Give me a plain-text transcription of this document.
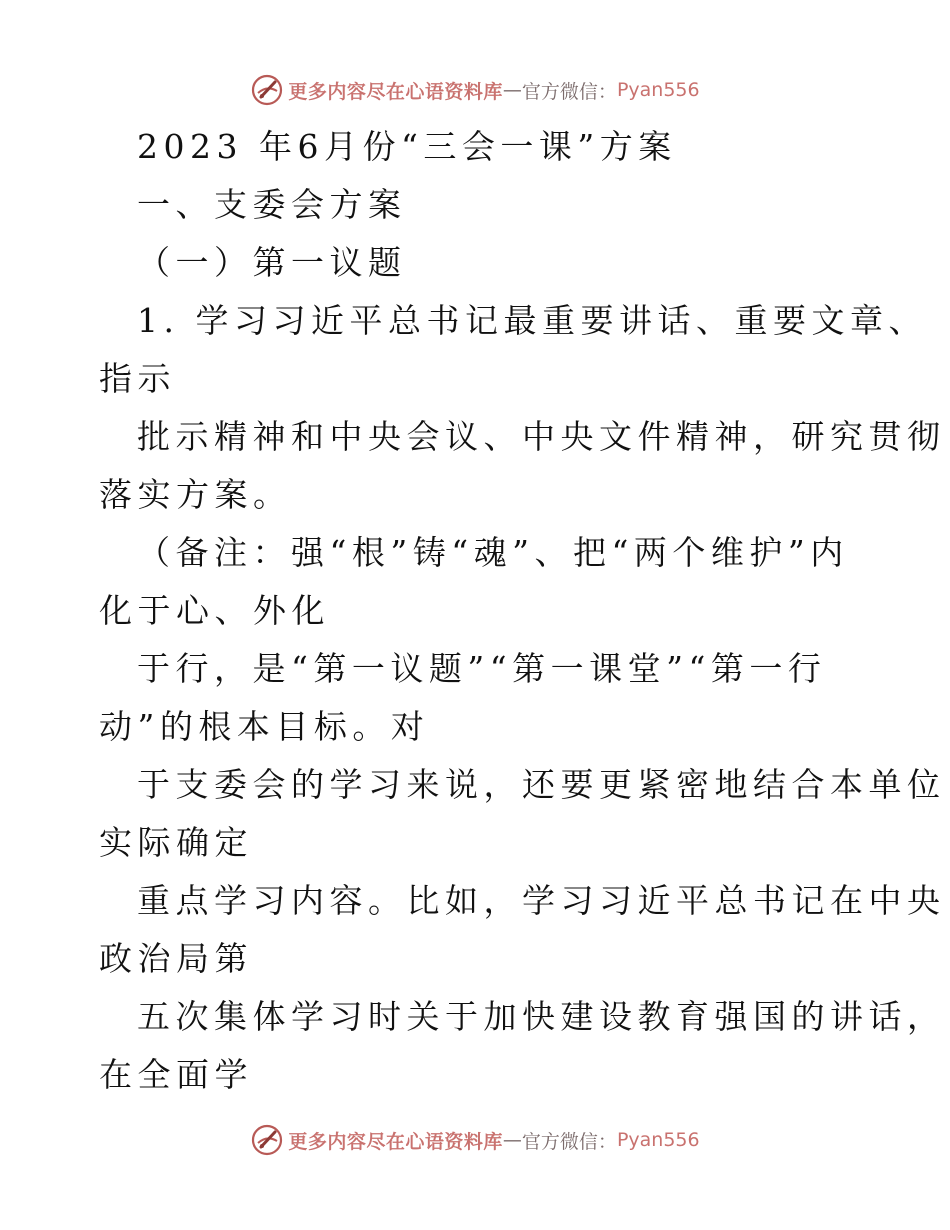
更多内容尽在心语资料库 — 官方微信： Pyan556
2023 年6月份“三会一课”方案
一、支委会方案
（一）第一议题
1. 学习习近平总书记最重要讲话、重要文章、
指示
批示精神和中央会议、中央文件精神，研究贯彻
落实方案。
（备注：强“根”铸“魂”、把“两个维护”内
化于心、外化
于行，是“第一议题”“第一课堂”“第一行
动”的根本目标。对
于支委会的学习来说，还要更紧密地结合本单位
实际确定
重点学习内容。比如，学习习近平总书记在中央
政治局第
五次集体学习时关于加快建设教育强国的讲话，
在全面学
更多内容尽在心语资料库 — 官方微信： Pyan556
